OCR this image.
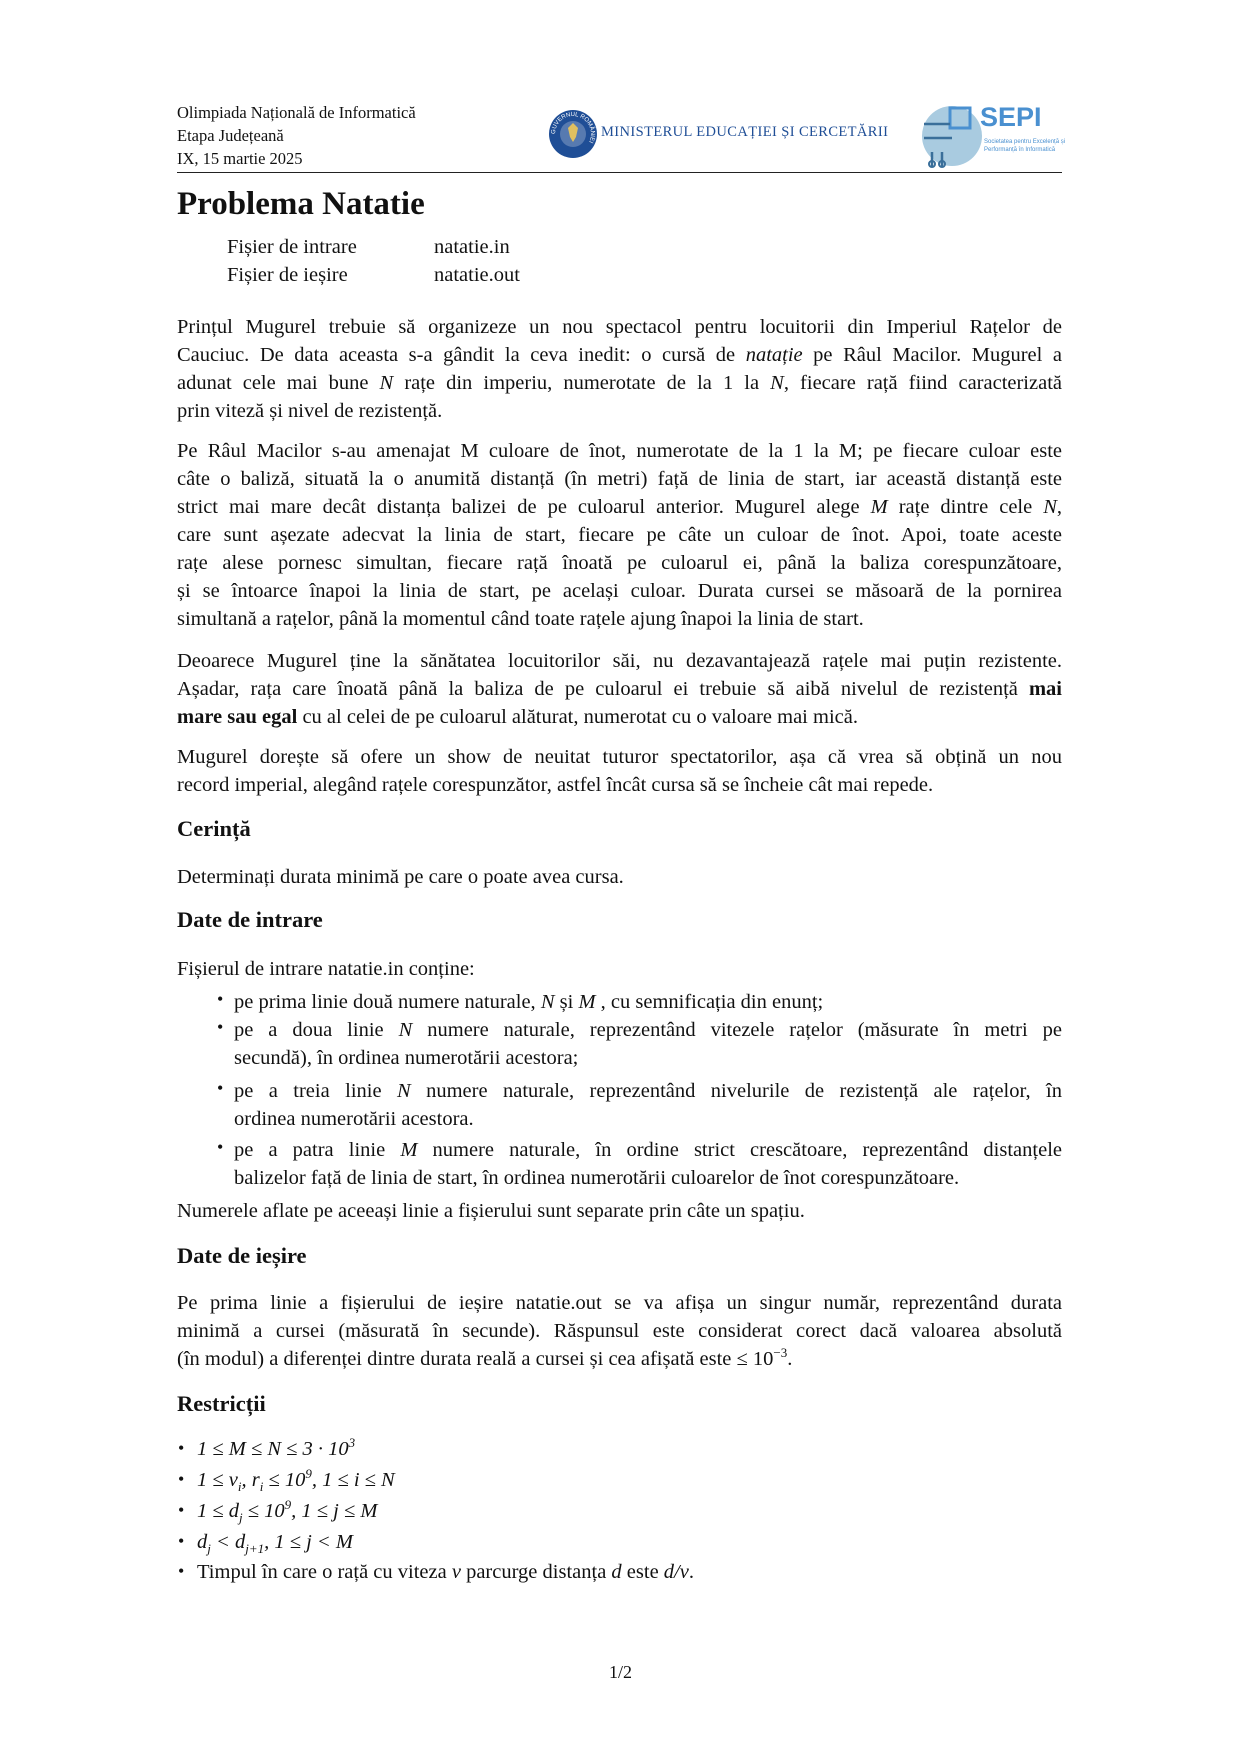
Olimpiada Națională de Informatică
Etapa Județeană
IX, 15 martie 2025
GUVERNUL ROMÂNIEI
MINISTERUL EDUCAȚIEI ȘI CERCETĂRII	SEPI
Societatea pentru Excelență și
Performanță în Informatică
Problema Natatie
Fișier de intrare	natatie.in
Fișier de ieșire	natatie.out
Prințul Mugurel trebuie să organizeze un nou spectacol pentru locuitorii din Imperiul Rațelor de
Cauciuc. De data aceasta s-a gândit la ceva inedit: o cursă de natație pe Râul Macilor. Mugurel a
adunat cele mai bune N rațe din imperiu, numerotate de la 1 la N, fiecare rață fiind caracterizată
prin viteză și nivel de rezistență.
Pe Râul Macilor s-au amenajat M culoare de înot, numerotate de la 1 la M; pe fiecare culoar este
câte o baliză, situată la o anumită distanță (în metri) față de linia de start, iar această distanță este
strict mai mare decât distanța balizei de pe culoarul anterior. Mugurel alege M rațe dintre cele N,
care sunt așezate adecvat la linia de start, fiecare pe câte un culoar de înot. Apoi, toate aceste
rațe alese pornesc simultan, fiecare rață înoată pe culoarul ei, până la baliza corespunzătoare,
și se întoarce înapoi la linia de start, pe același culoar. Durata cursei se măsoară de la pornirea
simultană a rațelor, până la momentul când toate rațele ajung înapoi la linia de start.
Deoarece Mugurel ține la sănătatea locuitorilor săi, nu dezavantajează rațele mai puțin rezistente.
Așadar, rața care înoată până la baliza de pe culoarul ei trebuie să aibă nivelul de rezistență mai
mare sau egal cu al celei de pe culoarul alăturat, numerotat cu o valoare mai mică.
Mugurel dorește să ofere un show de neuitat tuturor spectatorilor, așa că vrea să obțină un nou
record imperial, alegând rațele corespunzător, astfel încât cursa să se încheie cât mai repede.
Cerință
Determinați durata minimă pe care o poate avea cursa.
Date de intrare
Fișierul de intrare natatie.in conține:
• pe prima linie două numere naturale, N și M , cu semnificația din enunț;
• pe a doua linie N numere naturale, reprezentând vitezele rațelor (măsurate în metri pe
secundă), în ordinea numerotării acestora;
• pe a treia linie N numere naturale, reprezentând nivelurile de rezistență ale rațelor, în
ordinea numerotării acestora.
• pe a patra linie M numere naturale, în ordine strict crescătoare, reprezentând distanțele
balizelor față de linia de start, în ordinea numerotării culoarelor de înot corespunzătoare.
Numerele aflate pe aceeași linie a fișierului sunt separate prin câte un spațiu.
Date de ieșire
Pe prima linie a fișierului de ieșire natatie.out se va afișa un singur număr, reprezentând durata
minimă a cursei (măsurată în secunde). Răspunsul este considerat corect dacă valoarea absolută
(în modul) a diferenței dintre durata reală a cursei și cea afișată este ≤ $10^{-3}$.
Restricții
• $1 \le M \le N \le 3 \cdot 10^3$
• $1 \le v_i$, $r_i \le 10^9$, 1 ≤ i ≤ N
• $1 \le d_j \le 10^9$, 1 ≤ j ≤ M
• $d_j < d_{j+1}$, 1 ≤ j < M
• Timpul în care o rață cu viteza v parcurge distanța d este d/v.
1/2
